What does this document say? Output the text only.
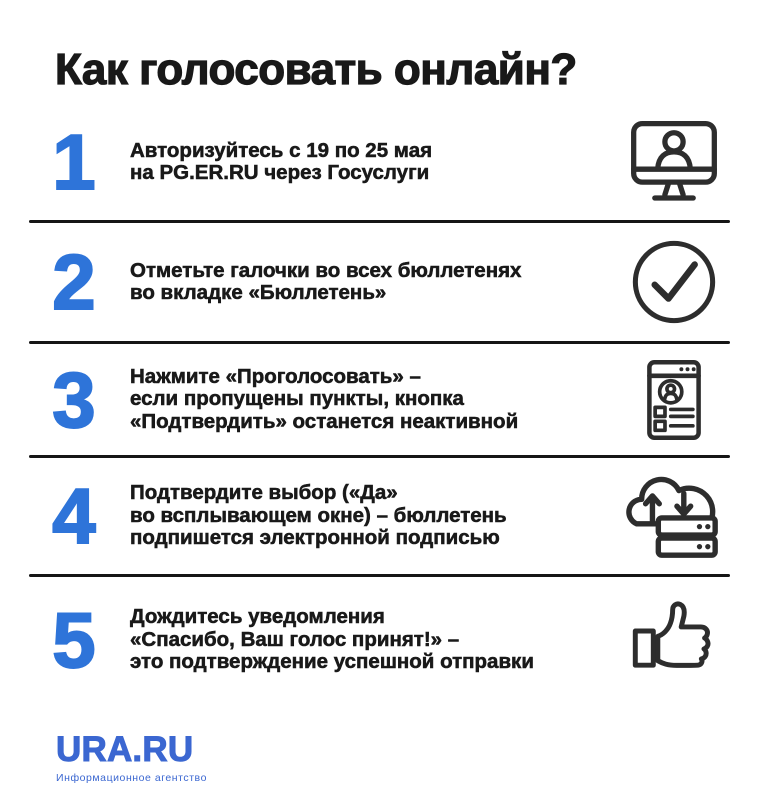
Как голосовать онлайн?
1	Авторизуйтесь с 19 по 25 мая
на PG.ER.RU через Госуслуги
2	Отметьте галочки во всех бюллетенях
во вкладке «Бюллетень»
3	Нажмите «Проголосовать» –
если пропущены пункты, кнопка
«Подтвердить» останется неактивной
4	Подтвердите выбор («Да»
во всплывающем окне) – бюллетень
подпишется электронной подписью
5	Дождитесь уведомления
«Спасибо, Ваш голос принят!» –
это подтверждение успешной отправки
URA.RU
Информационное агентство
